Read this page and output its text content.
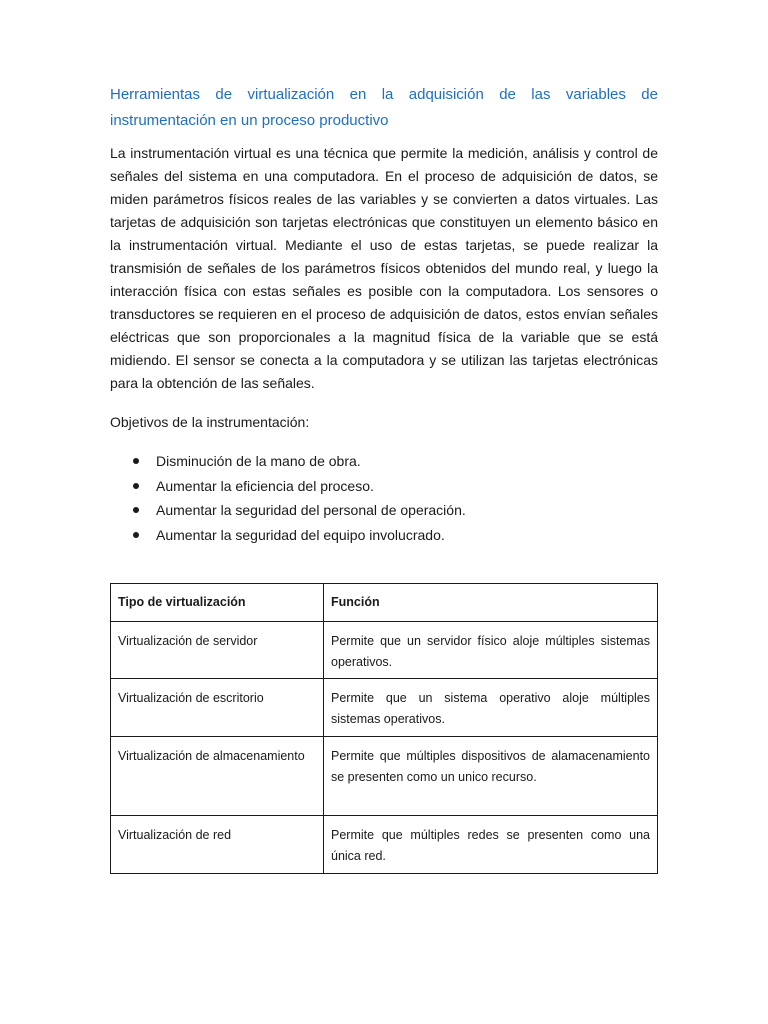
Herramientas de virtualización en la adquisición de las variables de instrumentación en un proceso productivo

La instrumentación virtual es una técnica que permite la medición, análisis y control de señales del sistema en una computadora. En el proceso de adquisición de datos, se miden parámetros físicos reales de las variables y se convierten a datos virtuales. Las tarjetas de adquisición son tarjetas electrónicas que constituyen un elemento básico en la instrumentación virtual. Mediante el uso de estas tarjetas, se puede realizar la transmisión de señales de los parámetros físicos obtenidos del mundo real, y luego la interacción física con estas señales es posible con la computadora. Los sensores o transductores se requieren en el proceso de adquisición de datos, estos envían señales eléctricas que son proporcionales a la magnitud física de la variable que se está midiendo. El sensor se conecta a la computadora y se utilizan las tarjetas electrónicas para la obtención de las señales.

Objetivos de la instrumentación:

Disminución de la mano de obra.
Aumentar la eficiencia del proceso.
Aumentar la seguridad del personal de operación.
Aumentar la seguridad del equipo involucrado.
Tipo de virtualización	Función
Virtualización de servidor	Permite que un servidor físico aloje múltiples sistemas operativos.
Virtualización de escritorio	Permite que un sistema operativo aloje múltiples sistemas operativos.
Virtualización de almacenamiento	Permite que múltiples dispositivos de alamacenamiento se presenten como un unico recurso.
Virtualización de red	Permite que múltiples redes se presenten como una única red.
